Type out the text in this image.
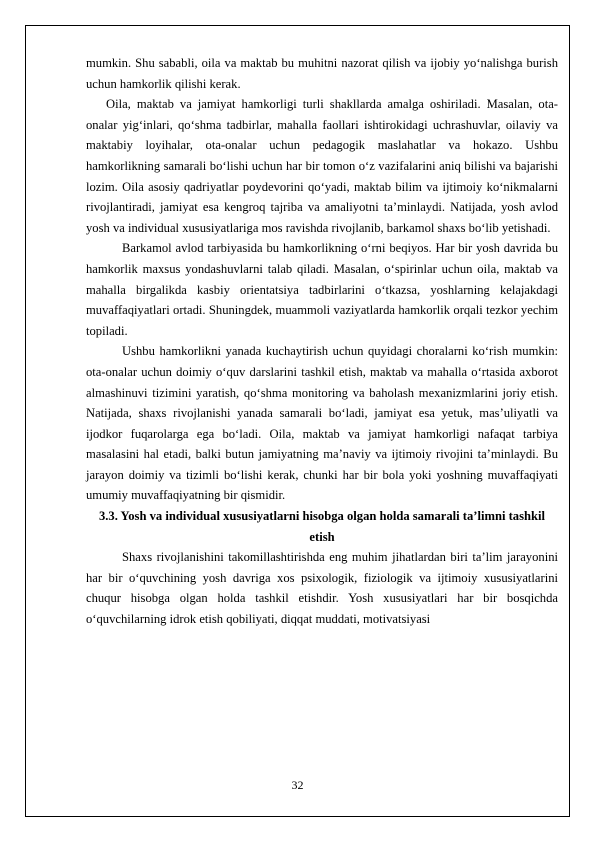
mumkin. Shu sababli, oila va maktab bu muhitni nazorat qilish va ijobiy yo‘nalishga burish uchun hamkorlik qilishi kerak.

Oila, maktab va jamiyat hamkorligi turli shakllarda amalga oshiriladi. Masalan, ota-onalar yig‘inlari, qo‘shma tadbirlar, mahalla faollari ishtirokidagi uchrashuvlar, oilaviy va maktabiy loyihalar, ota-onalar uchun pedagogik maslahatlar va hokazo. Ushbu hamkorlikning samarali bo‘lishi uchun har bir tomon o‘z vazifalarini aniq bilishi va bajarishi lozim. Oila asosiy qadriyatlar poydevorini qo‘yadi, maktab bilim va ijtimoiy ko‘nikmalarni rivojlantiradi, jamiyat esa kengroq tajriba va amaliyotni ta’minlaydi. Natijada, yosh avlod yosh va individual xususiyatlariga mos ravishda rivojlanib, barkamol shaxs bo‘lib yetishadi.

Barkamol avlod tarbiyasida bu hamkorlikning o‘rni beqiyos. Har bir yosh davrida bu hamkorlik maxsus yondashuvlarni talab qiladi. Masalan, o‘spirinlar uchun oila, maktab va mahalla birgalikda kasbiy orientatsiya tadbirlarini o‘tkazsa, yoshlarning kelajakdagi muvaffaqiyatlari ortadi. Shuningdek, muammoli vaziyatlarda hamkorlik orqali tezkor yechim topiladi.

Ushbu hamkorlikni yanada kuchaytirish uchun quyidagi choralarni ko‘rish mumkin: ota-onalar uchun doimiy o‘quv darslarini tashkil etish, maktab va mahalla o‘rtasida axborot almashinuvi tizimini yaratish, qo‘shma monitoring va baholash mexanizmlarini joriy etish. Natijada, shaxs rivojlanishi yanada samarali bo‘ladi, jamiyat esa yetuk, mas’uliyatli va ijodkor fuqarolarga ega bo‘ladi. Oila, maktab va jamiyat hamkorligi nafaqat tarbiya masalasini hal etadi, balki butun jamiyatning ma’naviy va ijtimoiy rivojini ta’minlaydi. Bu jarayon doimiy va tizimli bo‘lishi kerak, chunki har bir bola yoki yoshning muvaffaqiyati umumiy muvaffaqiyatning bir qismidir.

3.3. Yosh va individual xususiyatlarni hisobga olgan holda samarali ta’limni tashkil etish

Shaxs rivojlanishini takomillashtirishda eng muhim jihatlardan biri ta’lim jarayonini har bir o‘quvchining yosh davriga xos psixologik, fiziologik va ijtimoiy xususiyatlarini chuqur hisobga olgan holda tashkil etishdir. Yosh xususiyatlari har bir bosqichda o‘quvchilarning idrok etish qobiliyati, diqqat muddati, motivatsiyasi

32
